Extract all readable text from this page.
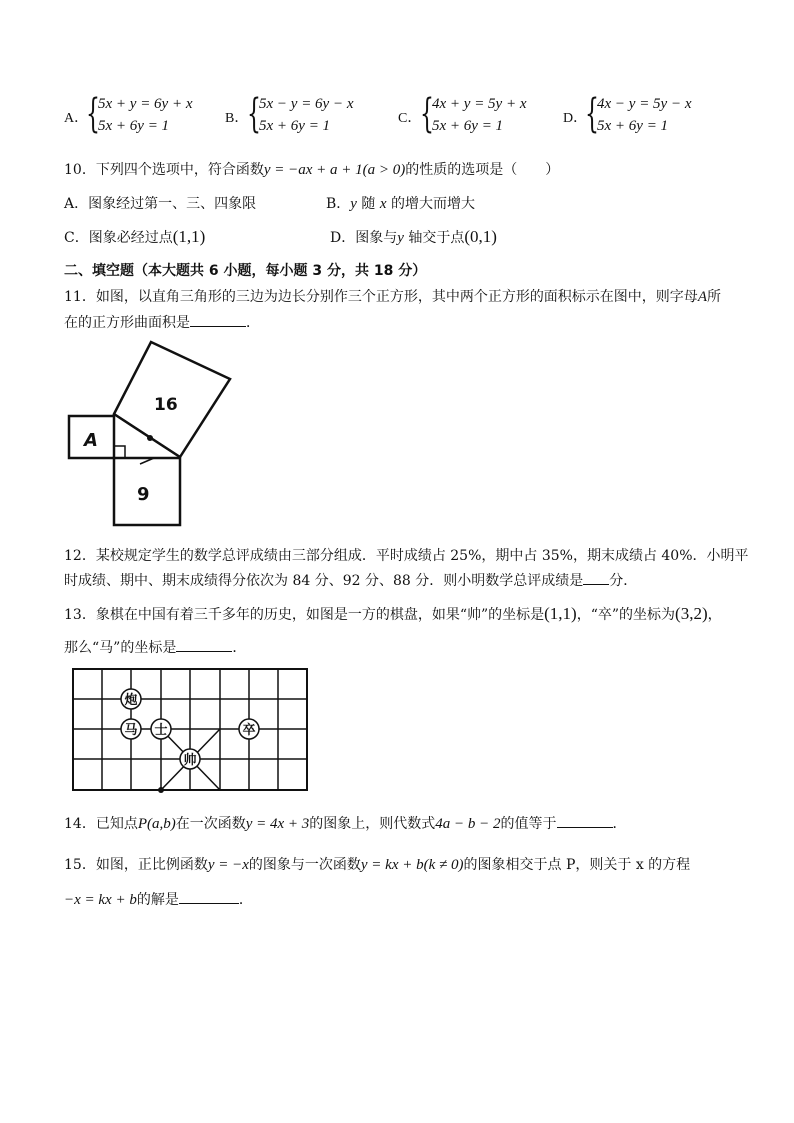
A．
{
5x + y = 6y + x
5x + 6y = 1	B．
{
5x − y = 6y − x
5x + 6y = 1	C．
{
4x + y = 5y + x
5x + 6y = 1	D．
{
4x − y = 5y − x
5x + 6y = 1
10．下列四个选项中，符合函数y = −ax + a + 1(a > 0)的性质的选项是（　　）
A．图象经过第一、三、四象限	B．y 随 x 的增大而增大
C．图象必经过点(1,1)	D．图象与y 轴交于点(0,1)
二、填空题（本大题共 6 小题，每小题 3 分，共 18 分）
11．如图，以直角三角形的三边为边长分别作三个正方形，其中两个正方形的面积标示在图中，则字母A所
在的正方形曲面积是	．
16
A
9
12．某校规定学生的数学总评成绩由三部分组成．平时成绩占 25%，期中占 35%，期末成绩占 40%．小明平
时成绩、期中、期末成绩得分依次为 84 分、92 分、88 分．则小明数学总评成绩是 分．
13．象棋在中国有着三千多年的历史，如图是一方的棋盘，如果“帅”的坐标是(1,1)，“卒”的坐标为(3,2)，
那么“马”的坐标是	．
炮
马 士
帅
卒
14．已知点P(a,b)在一次函数y = 4x + 3的图象上，则代数式4a − b − 2的值等于	．
15．如图，正比例函数y = −x的图象与一次函数y = kx + b(k ≠ 0)的图象相交于点 P，则关于 x 的方程
−x = kx + b的解是	．
